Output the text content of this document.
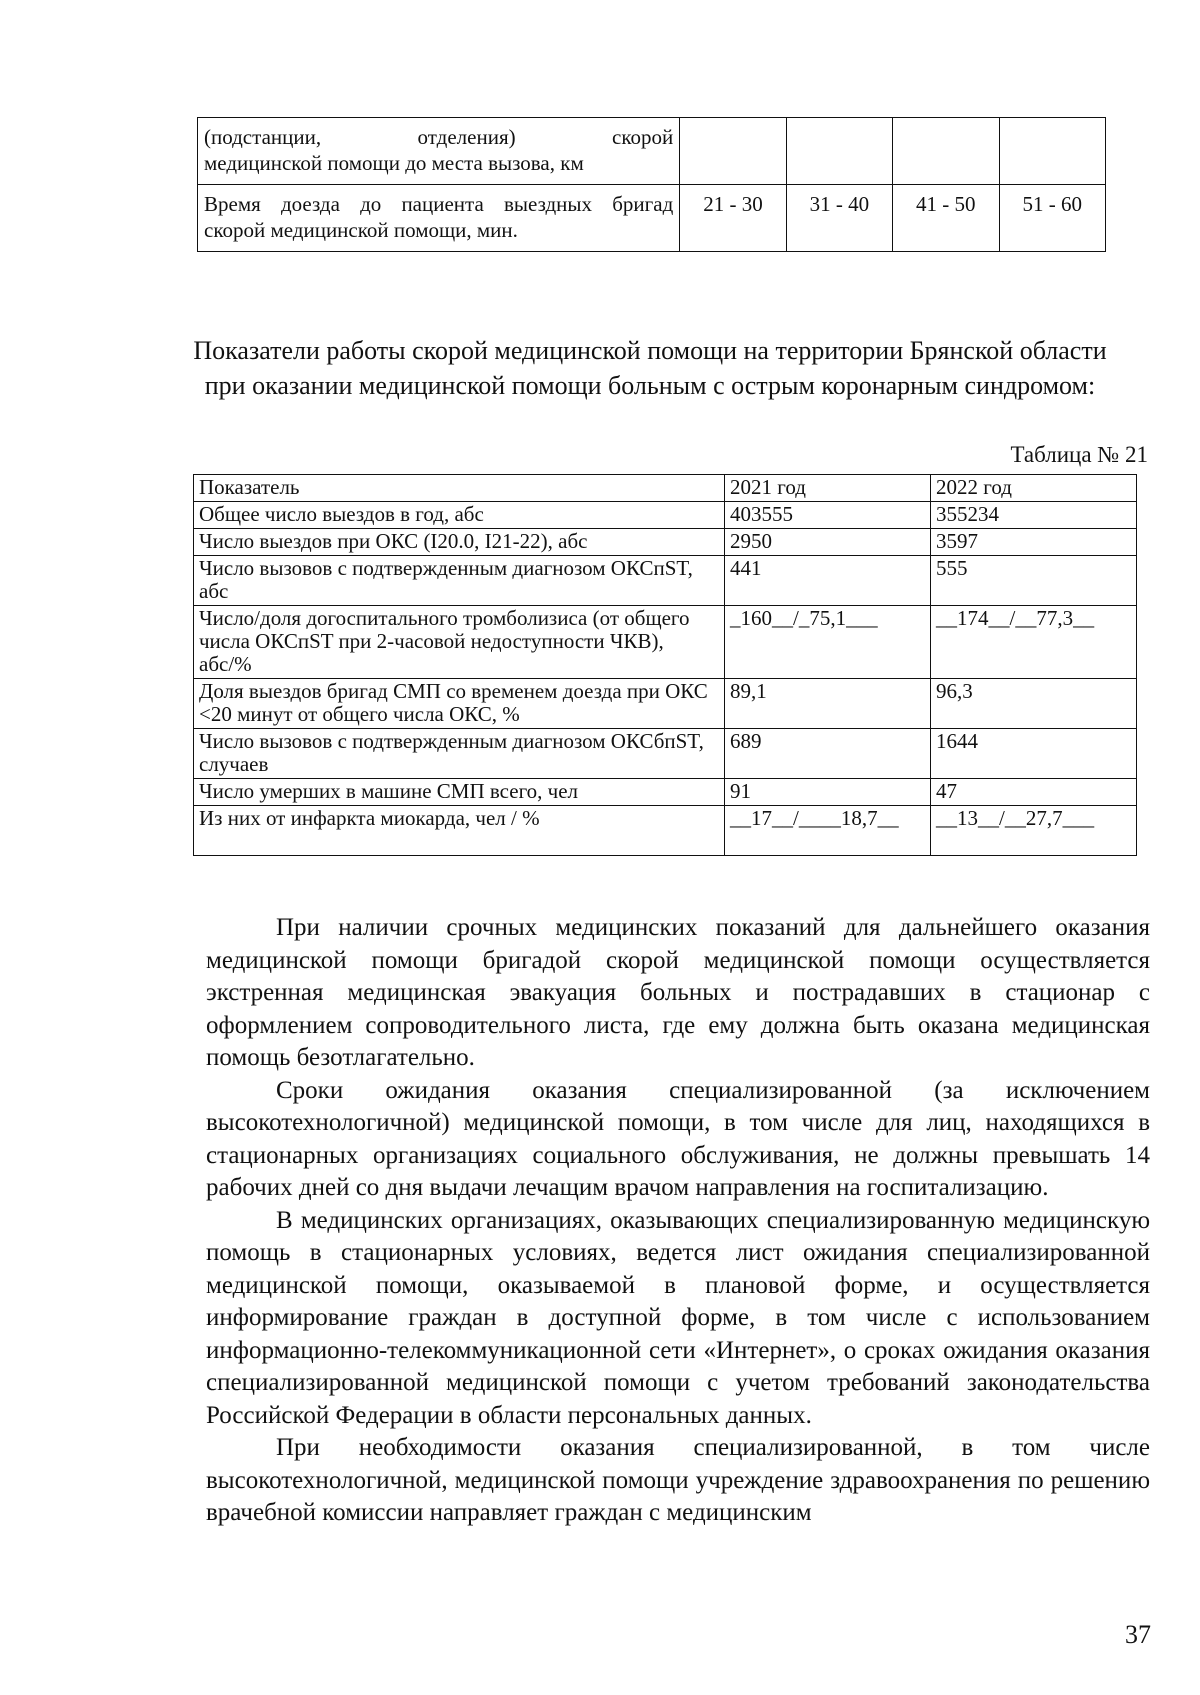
(подстанции, отделения) скорой
медицинской помощи до места вызова, км				

Время доезда до пациента выездных бригад
скорой медицинской помощи, мин.	21 - 30	31 - 40	41 - 50	51 - 60
Показатели работы скорой медицинской помощи на территории Брянской области при оказании медицинской помощи больным с острым коронарным синдромом:
Таблица № 21
Показатель	2021 год	2022 год
Общее число выездов в год, абс	403555	355234
Число выездов при ОКС (I20.0, I21-22), абс	2950	3597
Число вызовов с подтвержденным диагнозом ОКСпST, абс	441	555
Число/доля догоспитального тромболизиса (от общего числа ОКСпST при 2-часовой недоступности ЧКВ), абс/%	_160__/_75,1___	__174__/__77,3__
Доля выездов бригад СМП со временем доезда при ОКС <20 минут от общего числа ОКС, %	89,1	96,3
Число вызовов с подтвержденным диагнозом ОКСбпST, случаев	689	1644
Число умерших в машине СМП всего, чел	91	47
Из них от инфаркта миокарда, чел / %	__17__/____18,7__	__13__/__27,7___

При наличии срочных медицинских показаний для дальнейшего оказания медицинской помощи бригадой скорой медицинской помощи осуществляется экстренная медицинская эвакуация больных и пострадавших в стационар с оформлением сопроводительного листа, где ему должна быть оказана медицинская помощь безотлагательно.

Сроки ожидания оказания специализированной (за исключением высокотехнологичной) медицинской помощи, в том числе для лиц, находящихся в стационарных организациях социального обслуживания, не должны превышать 14 рабочих дней со дня выдачи лечащим врачом направления на госпитализацию.

В медицинских организациях, оказывающих специализированную медицинскую помощь в стационарных условиях, ведется лист ожидания специализированной медицинской помощи, оказываемой в плановой форме, и осуществляется информирование граждан в доступной форме, в том числе с использованием информационно-телекоммуникационной сети «Интернет», о сроках ожидания оказания специализированной медицинской помощи с учетом требований законодательства Российской Федерации в области персональных данных.

При необходимости оказания специализированной, в том числе высокотехнологичной, медицинской помощи учреждение здравоохранения по решению врачебной комиссии направляет граждан с медицинским

37
